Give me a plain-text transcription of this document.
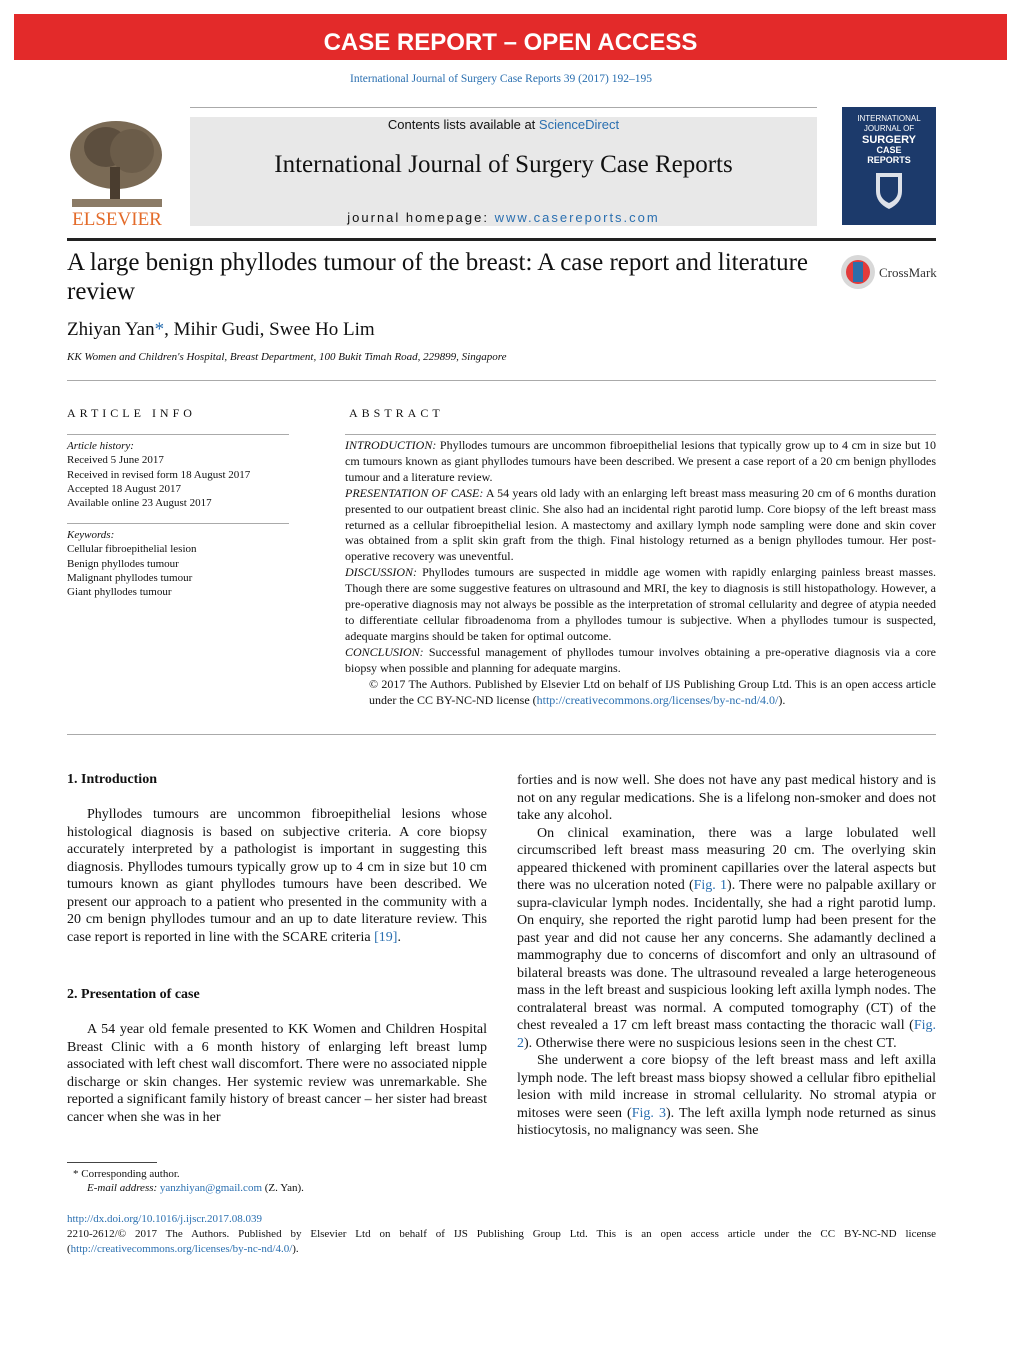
CASE REPORT – OPEN ACCESS
International Journal of Surgery Case Reports 39 (2017) 192–195
ELSEVIER
Contents lists available at ScienceDirect
International Journal of Surgery Case Reports
journal homepage: www.casereports.com
INTERNATIONAL
JOURNAL OF
SURGERY
CASE
REPORTS
A large benign phyllodes tumour of the breast: A case report and literature review
CrossMark
Zhiyan Yan*, Mihir Gudi, Swee Ho Lim
KK Women and Children's Hospital, Breast Department, 100 Bukit Timah Road, 229899, Singapore
ARTICLE INFO
Article history:
Received 5 June 2017
Received in revised form 18 August 2017
Accepted 18 August 2017
Available online 23 August 2017
Keywords:
Cellular fibroepithelial lesion
Benign phyllodes tumour
Malignant phyllodes tumour
Giant phyllodes tumour
ABSTRACT

INTRODUCTION: Phyllodes tumours are uncommon fibroepithelial lesions that typically grow up to 4 cm in size but 10 cm tumours known as giant phyllodes tumours have been described. We present a case report of a 20 cm benign phyllodes tumour and a literature review.

PRESENTATION OF CASE: A 54 years old lady with an enlarging left breast mass measuring 20 cm of 6 months duration presented to our outpatient breast clinic. She also had an incidental right parotid lump. Core biopsy of the left breast mass returned as a cellular fibroepithelial lesion. A mastectomy and axillary lymph node sampling were done and skin cover was obtained from a split skin graft from the thigh. Final histology returned as a benign phyllodes tumour. Her post-operative recovery was uneventful.

DISCUSSION: Phyllodes tumours are suspected in middle age women with rapidly enlarging painless breast masses. Though there are some suggestive features on ultrasound and MRI, the key to diagnosis is still histopathology. However, a pre-operative diagnosis may not always be possible as the interpretation of stromal cellularity and degree of atypia needed to differentiate cellular fibroadenoma from a phyllodes tumour is subjective. When a phyllodes tumour is suspected, adequate margins should be taken for optimal outcome.

CONCLUSION: Successful management of phyllodes tumour involves obtaining a pre-operative diagnosis via a core biopsy when possible and planning for adequate margins.

© 2017 The Authors. Published by Elsevier Ltd on behalf of IJS Publishing Group Ltd. This is an open access article under the CC BY-NC-ND license (http://creativecommons.org/licenses/by-nc-nd/4.0/).

1. Introduction

Phyllodes tumours are uncommon fibroepithelial lesions whose histological diagnosis is based on subjective criteria. A core biopsy accurately interpreted by a pathologist is important in suggesting this diagnosis. Phyllodes tumours typically grow up to 4 cm in size but 10 cm tumours known as giant phyllodes tumours have been described. We present our approach to a patient who presented in the community with a 20 cm benign phyllodes tumour and an up to date literature review. This case report is reported in line with the SCARE criteria [19].

2. Presentation of case

A 54 year old female presented to KK Women and Children Hospital Breast Clinic with a 6 month history of enlarging left breast lump associated with left chest wall discomfort. There were no associated nipple discharge or skin changes. Her systemic review was unremarkable. She reported a significant family history of breast cancer – her sister had breast cancer when she was in her

forties and is now well. She does not have any past medical history and is not on any regular medications. She is a lifelong non-smoker and does not take any alcohol.

On clinical examination, there was a large lobulated well circumscribed left breast mass measuring 20 cm. The overlying skin appeared thickened with prominent capillaries over the lateral aspects but there was no ulceration noted (Fig. 1). There were no palpable axillary or supra-clavicular lymph nodes. Incidentally, she had a right parotid lump. On enquiry, she reported the right parotid lump had been present for the past year and did not cause her any concerns. She adamantly declined a mammography due to concerns of discomfort and only an ultrasound of bilateral breasts was done. The ultrasound revealed a large heterogeneous mass in the left breast and suspicious looking left axilla lymph nodes. The contralateral breast was normal. A computed tomography (CT) of the chest revealed a 17 cm left breast mass contacting the thoracic wall (Fig. 2). Otherwise there were no suspicious lesions seen in the chest CT.

She underwent a core biopsy of the left breast mass and left axilla lymph node. The left breast mass biopsy showed a cellular fibro epithelial lesion with mild increase in stromal cellularity. No stromal atypia or mitoses were seen (Fig. 3). The left axilla lymph node returned as sinus histiocytosis, no malignancy was seen. She

* Corresponding author.
E-mail address: yanzhiyan@gmail.com (Z. Yan).
http://dx.doi.org/10.1016/j.ijscr.2017.08.039
2210-2612/© 2017 The Authors. Published by Elsevier Ltd on behalf of IJS Publishing Group Ltd. This is an open access article under the CC BY-NC-ND license (http://creativecommons.org/licenses/by-nc-nd/4.0/).
